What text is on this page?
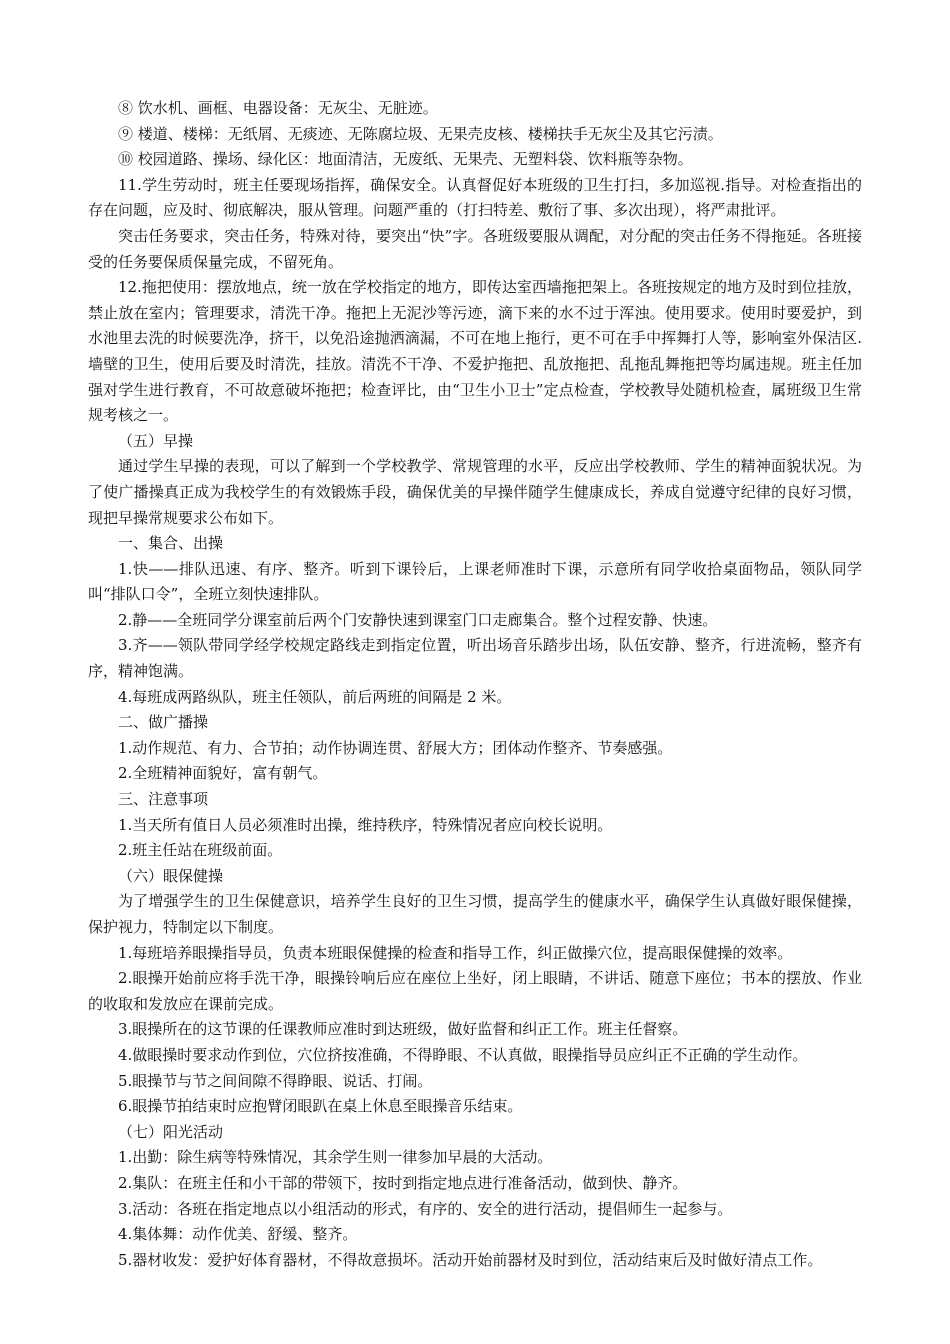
⑧ 饮水机、画框、电器设备：无灰尘、无脏迹。

⑨ 楼道、楼梯：无纸屑、无痰迹、无陈腐垃圾、无果壳皮核、楼梯扶手无灰尘及其它污渍。

⑩ 校园道路、操场、绿化区：地面清洁，无废纸、无果壳、无塑料袋、饮料瓶等杂物。

11.学生劳动时，班主任要现场指挥，确保安全。认真督促好本班级的卫生打扫，多加巡视.指导。对检查指出的存在问题，应及时、彻底解决，服从管理。问题严重的（打扫特差、敷衍了事、多次出现），将严肃批评。

突击任务要求，突击任务，特殊对待，要突出“快”字。各班级要服从调配，对分配的突击任务不得拖延。各班接受的任务要保质保量完成，不留死角。

12.拖把使用：摆放地点，统一放在学校指定的地方，即传达室西墙拖把架上。各班按规定的地方及时到位挂放，禁止放在室内；管理要求，清洗干净。拖把上无泥沙等污迹，滴下来的水不过于浑浊。使用要求。使用时要爱护，到水池里去洗的时候要洗净，挤干，以免沿途抛洒滴漏，不可在地上拖行，更不可在手中挥舞打人等，影响室外保洁区.墙壁的卫生，使用后要及时清洗，挂放。清洗不干净、不爱护拖把、乱放拖把、乱拖乱舞拖把等均属违规。班主任加强对学生进行教育，不可故意破坏拖把；检查评比，由“卫生小卫士”定点检查，学校教导处随机检查，属班级卫生常规考核之一。

（五）早操

通过学生早操的表现，可以了解到一个学校教学、常规管理的水平，反应出学校教师、学生的精神面貌状况。为了使广播操真正成为我校学生的有效锻炼手段，确保优美的早操伴随学生健康成长，养成自觉遵守纪律的良好习惯，现把早操常规要求公布如下。

一、集合、出操

1.快——排队迅速、有序、整齐。听到下课铃后，上课老师准时下课，示意所有同学收拾桌面物品，领队同学叫“排队口令”，全班立刻快速排队。

2.静——全班同学分课室前后两个门安静快速到课室门口走廊集合。整个过程安静、快速。

3.齐——领队带同学经学校规定路线走到指定位置，听出场音乐踏步出场，队伍安静、整齐，行进流畅，整齐有序，精神饱满。

4.每班成两路纵队，班主任领队，前后两班的间隔是 2 米。

二、做广播操

1.动作规范、有力、合节拍；动作协调连贯、舒展大方；团体动作整齐、节奏感强。

2.全班精神面貌好，富有朝气。

三、注意事项

1.当天所有值日人员必须准时出操，维持秩序，特殊情况者应向校长说明。

2.班主任站在班级前面。

（六）眼保健操

为了增强学生的卫生保健意识，培养学生良好的卫生习惯，提高学生的健康水平，确保学生认真做好眼保健操，保护视力，特制定以下制度。

1.每班培养眼操指导员，负责本班眼保健操的检查和指导工作，纠正做操穴位，提高眼保健操的效率。

2.眼操开始前应将手洗干净，眼操铃响后应在座位上坐好，闭上眼睛，不讲话、随意下座位；书本的摆放、作业的收取和发放应在课前完成。

3.眼操所在的这节课的任课教师应准时到达班级，做好监督和纠正工作。班主任督察。

4.做眼操时要求动作到位，穴位挤按准确，不得睁眼、不认真做，眼操指导员应纠正不正确的学生动作。

5.眼操节与节之间间隙不得睁眼、说话、打闹。

6.眼操节拍结束时应抱臂闭眼趴在桌上休息至眼操音乐结束。

（七）阳光活动

1.出勤：除生病等特殊情况，其余学生则一律参加早晨的大活动。

2.集队：在班主任和小干部的带领下，按时到指定地点进行准备活动，做到快、静齐。

3.活动：各班在指定地点以小组活动的形式，有序的、安全的进行活动，提倡师生一起参与。

4.集体舞：动作优美、舒缓、整齐。

5.器材收发：爱护好体育器材，不得故意损坏。活动开始前器材及时到位，活动结束后及时做好清点工作。
